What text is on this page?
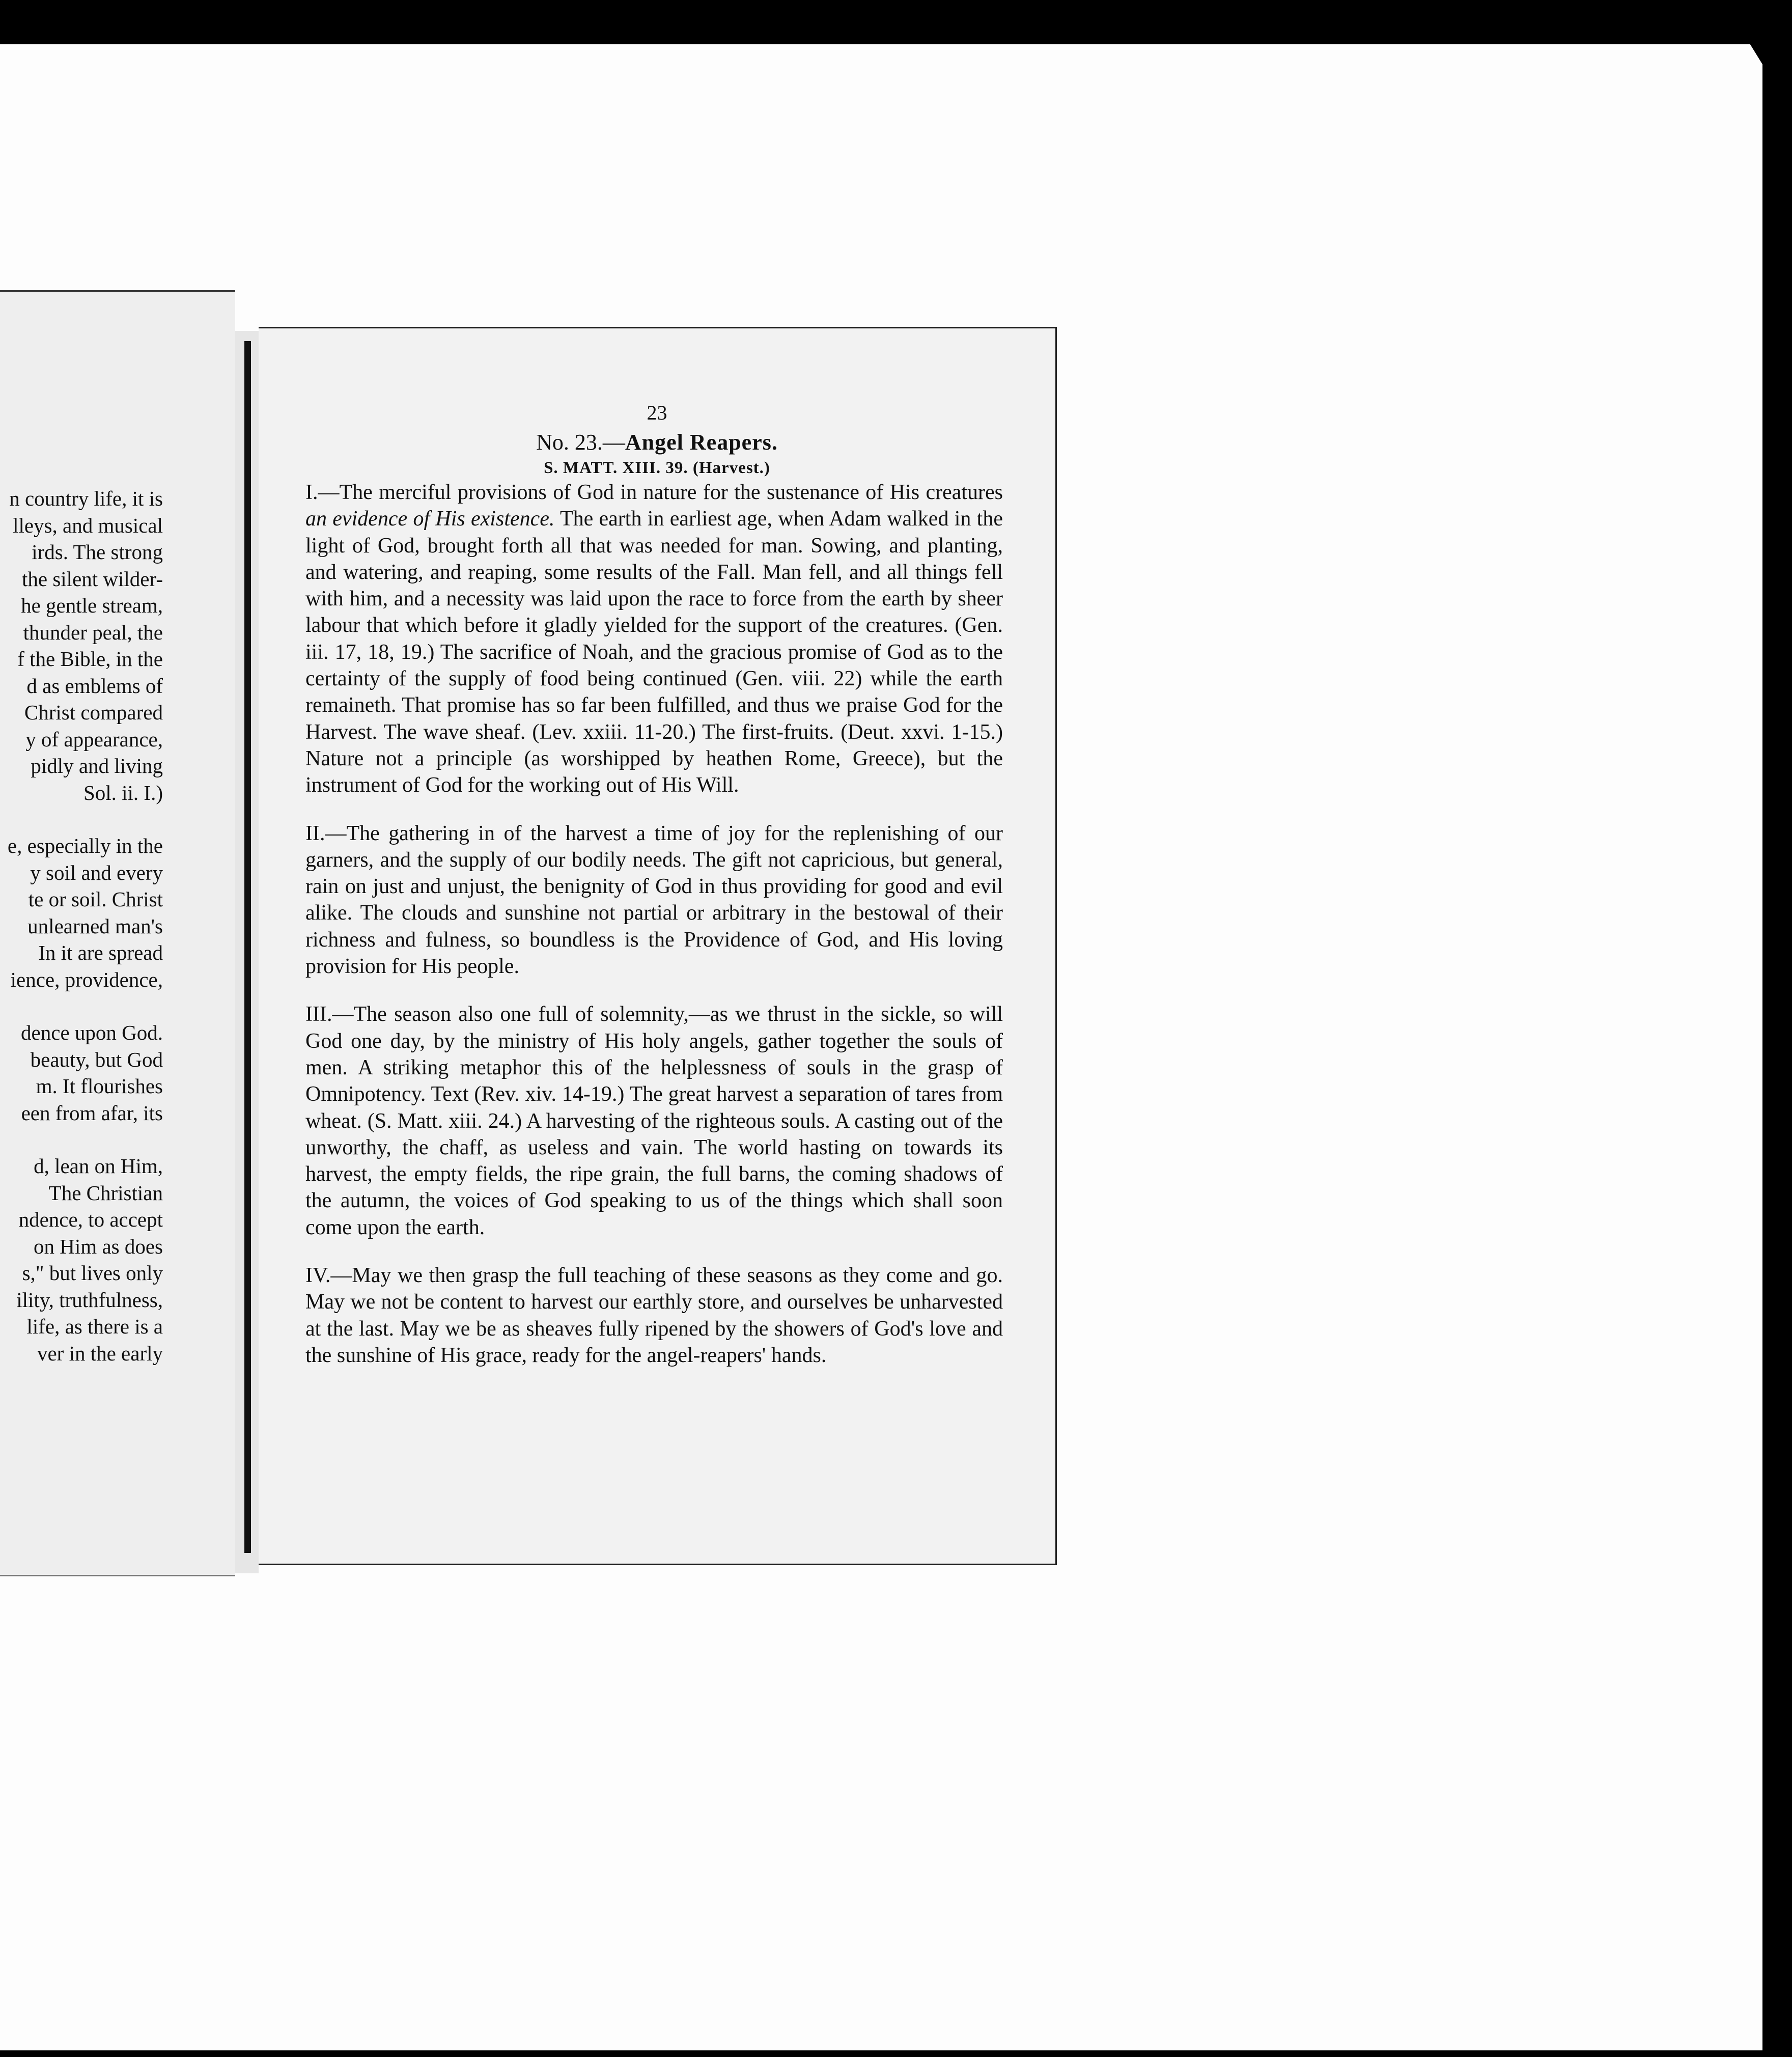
n country life, it is
lleys, and musical
irds. The strong
the silent wilder-
he gentle stream,
thunder peal, the
f the Bible, in the
d as emblems of
Christ compared
y of appearance,
pidly and living
Sol. ii. I.)
e, especially in the
y soil and every
te or soil. Christ
unlearned man's
In it are spread
ience, providence,
dence upon God.
beauty, but God
m. It flourishes
een from afar, its
d, lean on Him,
The Christian
ndence, to accept
on Him as does
s," but lives only
ility, truthfulness,
life, as there is a
ver in the early
23
No. 23.—Angel Reapers.
S. MATT. XIII. 39. (Harvest.)

I.—The merciful provisions of God in nature for the sustenance of His creatures an evidence of His existence. The earth in earliest age, when Adam walked in the light of God, brought forth all that was needed for man. Sowing, and planting, and watering, and reaping, some results of the Fall. Man fell, and all things fell with him, and a necessity was laid upon the race to force from the earth by sheer labour that which before it gladly yielded for the support of the creatures. (Gen. iii. 17, 18, 19.) The sacrifice of Noah, and the gracious promise of God as to the certainty of the supply of food being continued (Gen. viii. 22) while the earth remaineth. That promise has so far been fulfilled, and thus we praise God for the Harvest. The wave sheaf. (Lev. xxiii. 11-20.) The first-fruits. (Deut. xxvi. 1-15.) Nature not a principle (as worshipped by heathen Rome, Greece), but the instrument of God for the working out of His Will.

II.—The gathering in of the harvest a time of joy for the replenishing of our garners, and the supply of our bodily needs. The gift not capricious, but general, rain on just and unjust, the benignity of God in thus providing for good and evil alike. The clouds and sunshine not partial or arbitrary in the bestowal of their richness and fulness, so boundless is the Providence of God, and His loving provision for His people.

III.—The season also one full of solemnity,—as we thrust in the sickle, so will God one day, by the ministry of His holy angels, gather together the souls of men. A striking metaphor this of the helplessness of souls in the grasp of Omnipotency. Text (Rev. xiv. 14-19.) The great harvest a separation of tares from wheat. (S. Matt. xiii. 24.) A harvesting of the righteous souls. A casting out of the unworthy, the chaff, as useless and vain. The world hasting on towards its harvest, the empty fields, the ripe grain, the full barns, the coming shadows of the autumn, the voices of God speaking to us of the things which shall soon come upon the earth.

IV.—May we then grasp the full teaching of these seasons as they come and go. May we not be content to harvest our earthly store, and ourselves be unharvested at the last. May we be as sheaves fully ripened by the showers of God's love and the sunshine of His grace, ready for the angel-reapers' hands.
